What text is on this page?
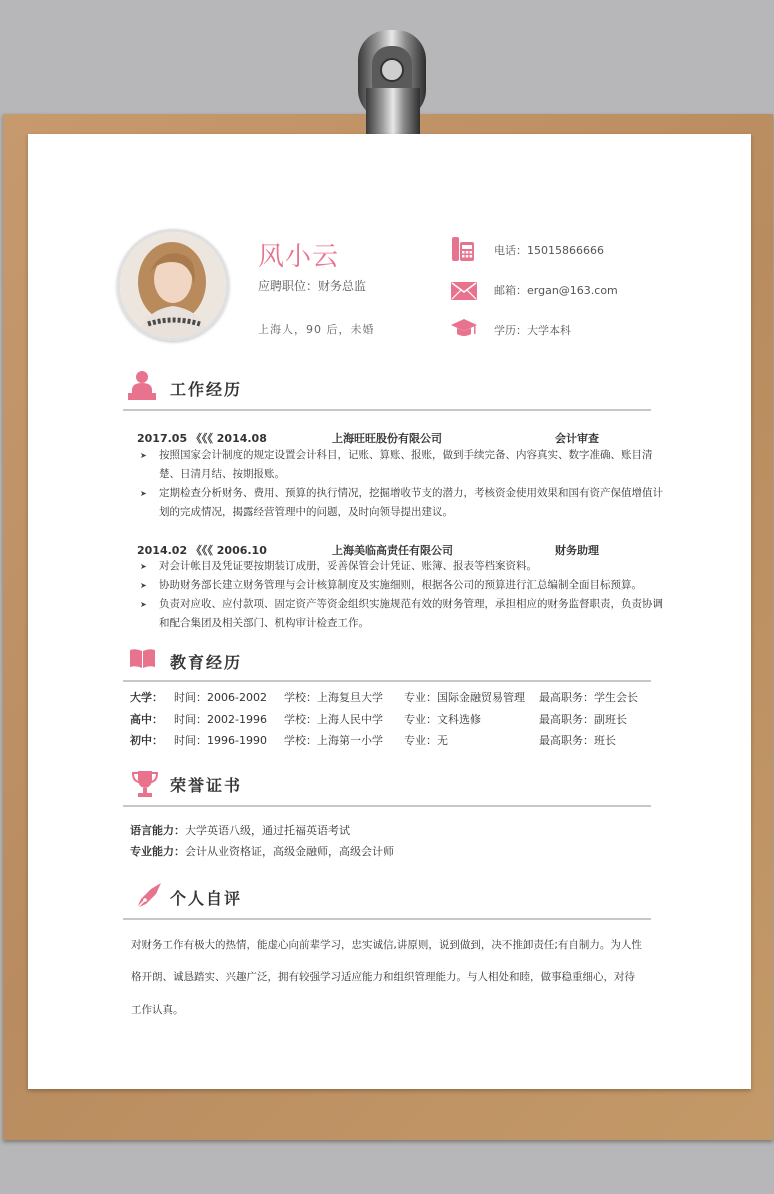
风小云
应聘职位：财务总监
上海人，90 后，未婚
电话：15015866666
邮箱：ergan@163.com
学历：大学本科
工作经历
2017.05 《《《 2014.08	上海旺旺股份有限公司	会计审查
➤ 按照国家会计制度的规定设置会计科目，记账、算账、报账，做到手续完备、内容真实、数字准确、账目清楚、日清月结、按期报账。
➤ 定期检查分析财务、费用、预算的执行情况，挖掘增收节支的潜力，考核资金使用效果和国有资产保值增值计划的完成情况，揭露经营管理中的问题，及时向领导提出建议。
2014.02 《《《 2006.10	上海美临高责任有限公司	财务助理
➤ 对会计帐目及凭证要按期装订成册，妥善保管会计凭证、账簿、报表等档案资料。
➤ 协助财务部长建立财务管理与会计核算制度及实施细则，根据各公司的预算进行汇总编制全面目标预算。
➤ 负责对应收、应付款项、固定资产等资金组织实施规范有效的财务管理，承担相应的财务监督职责，负责协调和配合集团及相关部门、机构审计检查工作。
教育经历
大学： 时间：2006-2002 学校：上海复旦大学 专业：国际金融贸易管理 最高职务：学生会长
高中： 时间：2002-1996 学校：上海人民中学 专业：文科选修	最高职务：副班长
初中： 时间：1996-1990 学校：上海第一小学 专业：无	最高职务：班长
荣誉证书
语言能力：大学英语八级，通过托福英语考试
专业能力：会计从业资格证，高级金融师，高级会计师
个人自评
对财务工作有极大的热情，能虚心向前辈学习，忠实诚信,讲原则，说到做到，决不推卸责任;有自制力。为人性
格开朗、诚恳踏实、兴趣广泛，拥有较强学习适应能力和组织管理能力。与人相处和睦，做事稳重细心，对待
工作认真。
